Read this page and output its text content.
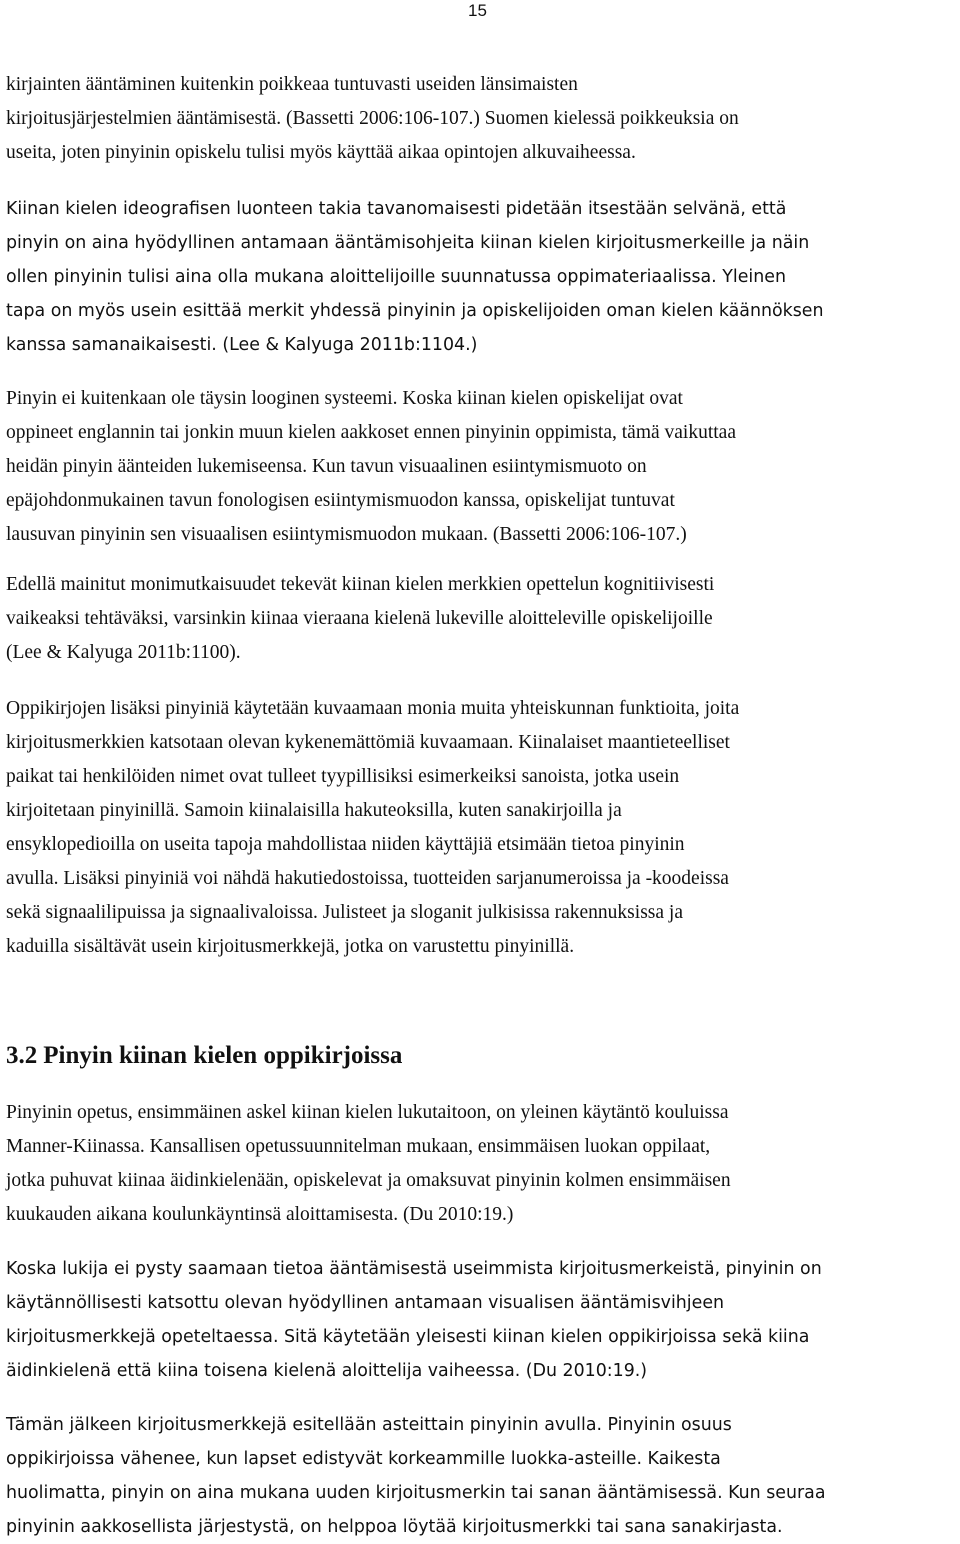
15

kirjainten ääntäminen kuitenkin poikkeaa tuntuvasti useiden länsimaisten
kirjoitusjärjestelmien ääntämisestä. (Bassetti 2006:106-107.) Suomen kielessä poikkeuksia on
useita, joten pinyinin opiskelu tulisi myös käyttää aikaa opintojen alkuvaiheessa.

Kiinan kielen ideografisen luonteen takia tavanomaisesti pidetään itsestään selvänä, että
pinyin on aina hyödyllinen antamaan ääntämisohjeita kiinan kielen kirjoitusmerkeille ja näin
ollen pinyinin tulisi aina olla mukana aloittelijoille suunnatussa oppimateriaalissa. Yleinen
tapa on myös usein esittää merkit yhdessä pinyinin ja opiskelijoiden oman kielen käännöksen
kanssa samanaikaisesti. (Lee & Kalyuga 2011b:1104.)

Pinyin ei kuitenkaan ole täysin looginen systeemi. Koska kiinan kielen opiskelijat ovat
oppineet englannin tai jonkin muun kielen aakkoset ennen pinyinin oppimista, tämä vaikuttaa
heidän pinyin äänteiden lukemiseensa. Kun tavun visuaalinen esiintymismuoto on
epäjohdonmukainen tavun fonologisen esiintymismuodon kanssa, opiskelijat tuntuvat
lausuvan pinyinin sen visuaalisen esiintymismuodon mukaan. (Bassetti 2006:106-107.)

Edellä mainitut monimutkaisuudet tekevät kiinan kielen merkkien opettelun kognitiivisesti
vaikeaksi tehtäväksi, varsinkin kiinaa vieraana kielenä lukeville aloitteleville opiskelijoille
(Lee & Kalyuga 2011b:1100).

Oppikirjojen lisäksi pinyiniä käytetään kuvaamaan monia muita yhteiskunnan funktioita, joita
kirjoitusmerkkien katsotaan olevan kykenemättömiä kuvaamaan. Kiinalaiset maantieteelliset
paikat tai henkilöiden nimet ovat tulleet tyypillisiksi esimerkeiksi sanoista, jotka usein
kirjoitetaan pinyinillä. Samoin kiinalaisilla hakuteoksilla, kuten sanakirjoilla ja
ensyklopedioilla on useita tapoja mahdollistaa niiden käyttäjiä etsimään tietoa pinyinin
avulla. Lisäksi pinyiniä voi nähdä hakutiedostoissa, tuotteiden sarjanumeroissa ja -koodeissa
sekä signaalilipuissa ja signaalivaloissa. Julisteet ja sloganit julkisissa rakennuksissa ja
kaduilla sisältävät usein kirjoitusmerkkejä, jotka on varustettu pinyinillä.

3.2 Pinyin kiinan kielen oppikirjoissa

Pinyinin opetus, ensimmäinen askel kiinan kielen lukutaitoon, on yleinen käytäntö kouluissa
Manner-Kiinassa. Kansallisen opetussuunnitelman mukaan, ensimmäisen luokan oppilaat,
jotka puhuvat kiinaa äidinkielenään, opiskelevat ja omaksuvat pinyinin kolmen ensimmäisen
kuukauden aikana koulunkäyntinsä aloittamisesta. (Du 2010:19.)

Koska lukija ei pysty saamaan tietoa ääntämisestä useimmista kirjoitusmerkeistä, pinyinin on
käytännöllisesti katsottu olevan hyödyllinen antamaan visualisen ääntämisvihjeen
kirjoitusmerkkejä opeteltaessa. Sitä käytetään yleisesti kiinan kielen oppikirjoissa sekä kiina
äidinkielenä että kiina toisena kielenä aloittelija vaiheessa. (Du 2010:19.)

Tämän jälkeen kirjoitusmerkkejä esitellään asteittain pinyinin avulla. Pinyinin osuus
oppikirjoissa vähenee, kun lapset edistyvät korkeammille luokka-asteille. Kaikesta
huolimatta, pinyin on aina mukana uuden kirjoitusmerkin tai sanan ääntämisessä. Kun seuraa
pinyinin aakkosellista järjestystä, on helppoa löytää kirjoitusmerkki tai sana sanakirjasta.
